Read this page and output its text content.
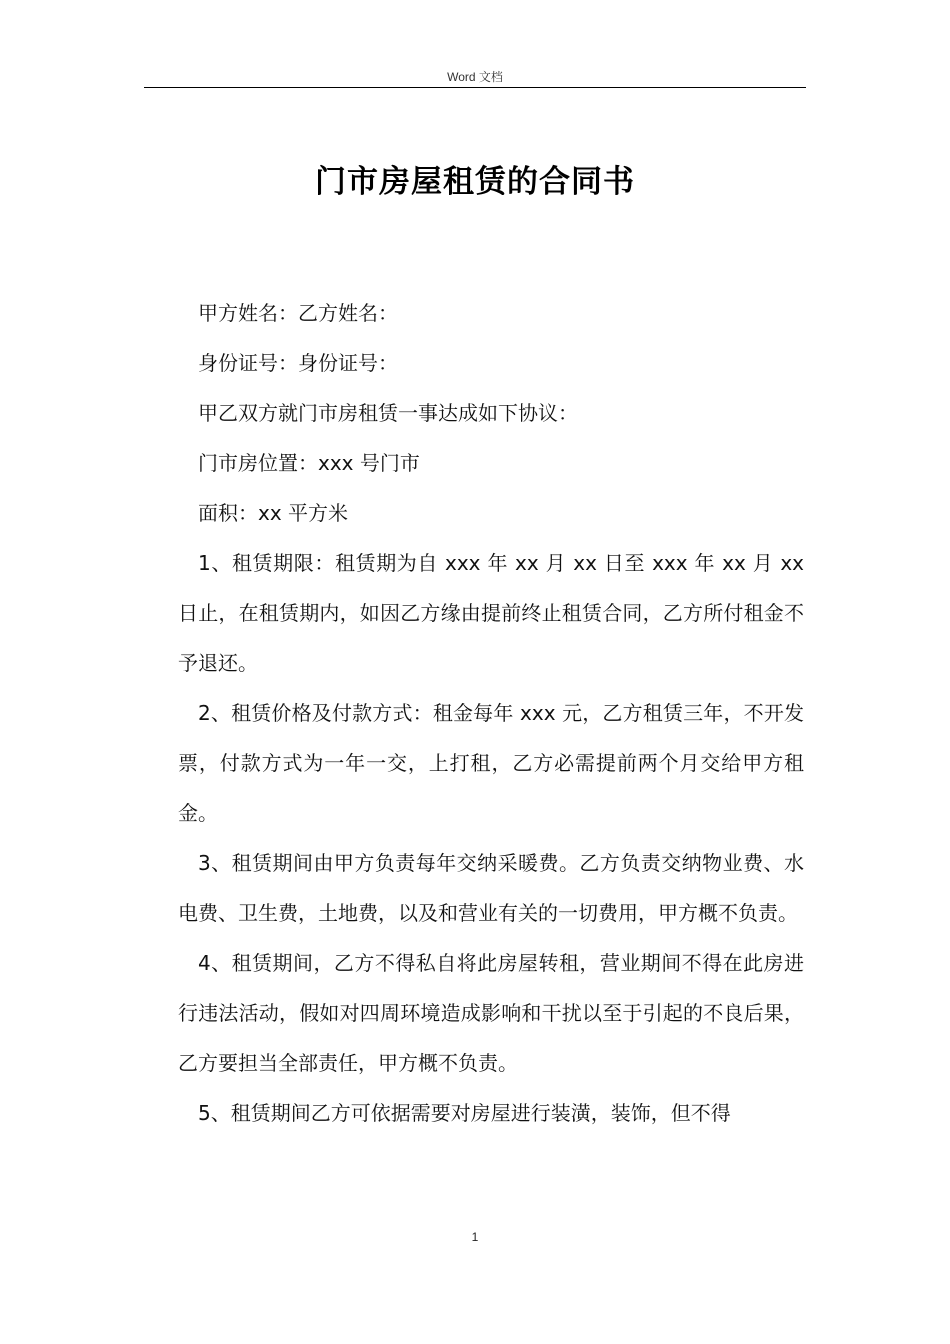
Word 文档
门市房屋租赁的合同书

甲方姓名：乙方姓名：

身份证号：身份证号：

甲乙双方就门市房租赁一事达成如下协议：

门市房位置：xxx 号门市

面积：xx 平方米

1、租赁期限：租赁期为自 xxx 年 xx 月 xx 日至 xxx 年 xx 月 xx 日止，在租赁期内，如因乙方缘由提前终止租赁合同，乙方所付租金不予退还。

2、租赁价格及付款方式：租金每年 xxx 元，乙方租赁三年，不开发票，付款方式为一年一交，上打租，乙方必需提前两个月交给甲方租金。

3、租赁期间由甲方负责每年交纳采暖费。乙方负责交纳物业费、水电费、卫生费，土地费，以及和营业有关的一切费用，甲方概不负责。

4、租赁期间，乙方不得私自将此房屋转租，营业期间不得在此房进行违法活动，假如对四周环境造成影响和干扰以至于引起的不良后果，乙方要担当全部责任，甲方概不负责。

5、租赁期间乙方可依据需要对房屋进行装潢，装饰，但不得

1
